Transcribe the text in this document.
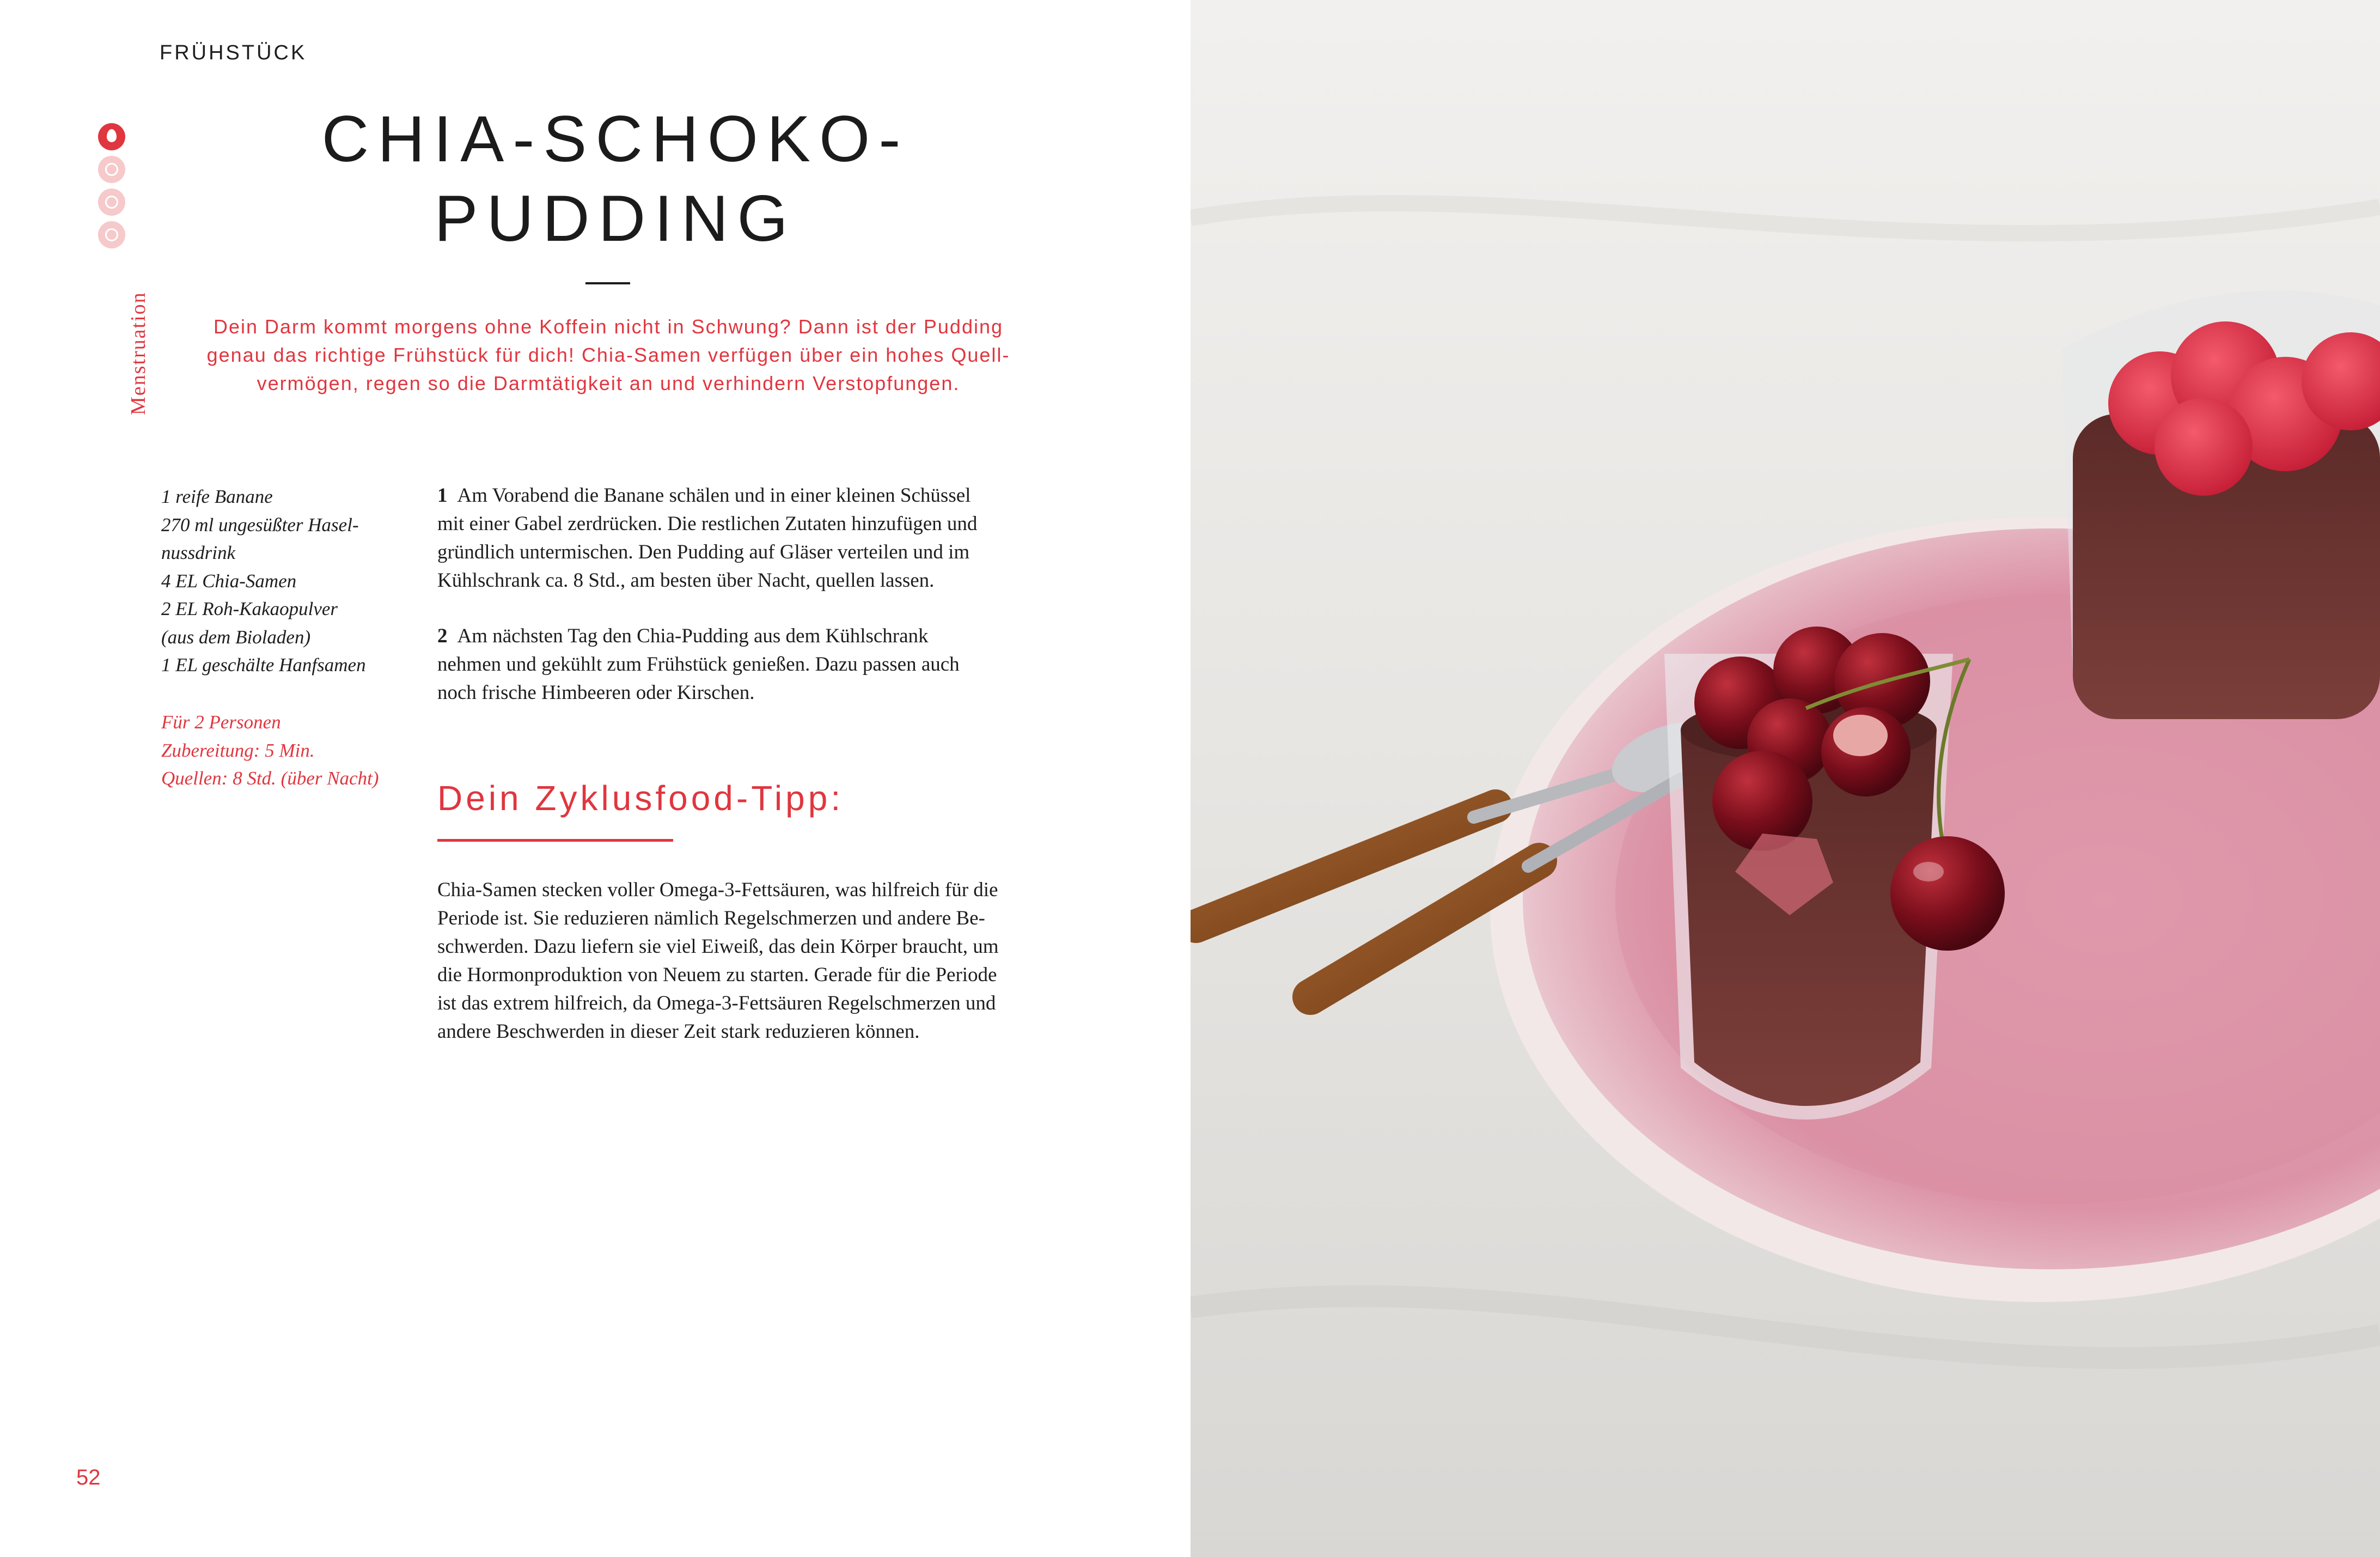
FRÜHSTÜCK
Menstruation
CHIA-SCHOKO-
PUDDING
Dein Darm kommt morgens ohne Koffein nicht in Schwung? Dann ist der Pudding
genau das richtige Frühstück für dich! Chia-Samen verfügen über ein hohes Quell-
vermögen, regen so die Darmtätigkeit an und verhindern Verstopfungen.
1 reife Banane
270 ml ungesüßter Hasel-
nussdrink
4 EL Chia-Samen
2 EL Roh-Kakaopulver
(aus dem Bioladen)
1 EL geschälte Hanfsamen
Für 2 Personen
Zubereitung: 5 Min.
Quellen: 8 Std. (über Nacht)
1 Am Vorabend die Banane schälen und in einer kleinen Schüssel
mit einer Gabel zerdrücken. Die restlichen Zutaten hinzufügen und
gründlich untermischen. Den Pudding auf Gläser verteilen und im
Kühlschrank ca. 8 Std., am besten über Nacht, quellen lassen.
2 Am nächsten Tag den Chia-Pudding aus dem Kühlschrank
nehmen und gekühlt zum Frühstück genießen. Dazu passen auch
noch frische Himbeeren oder Kirschen.
Dein Zyklusfood-Tipp:
Chia-Samen stecken voller Omega-3-Fettsäuren, was hilfreich für die
Periode ist. Sie reduzieren nämlich Regelschmerzen und andere Be-
schwerden. Dazu liefern sie viel Eiweiß, das dein Körper braucht, um
die Hormonproduktion von Neuem zu starten. Gerade für die Periode
ist das extrem hilfreich, da Omega-3-Fettsäuren Regelschmerzen und
andere Beschwerden in dieser Zeit stark reduzieren können.
52
